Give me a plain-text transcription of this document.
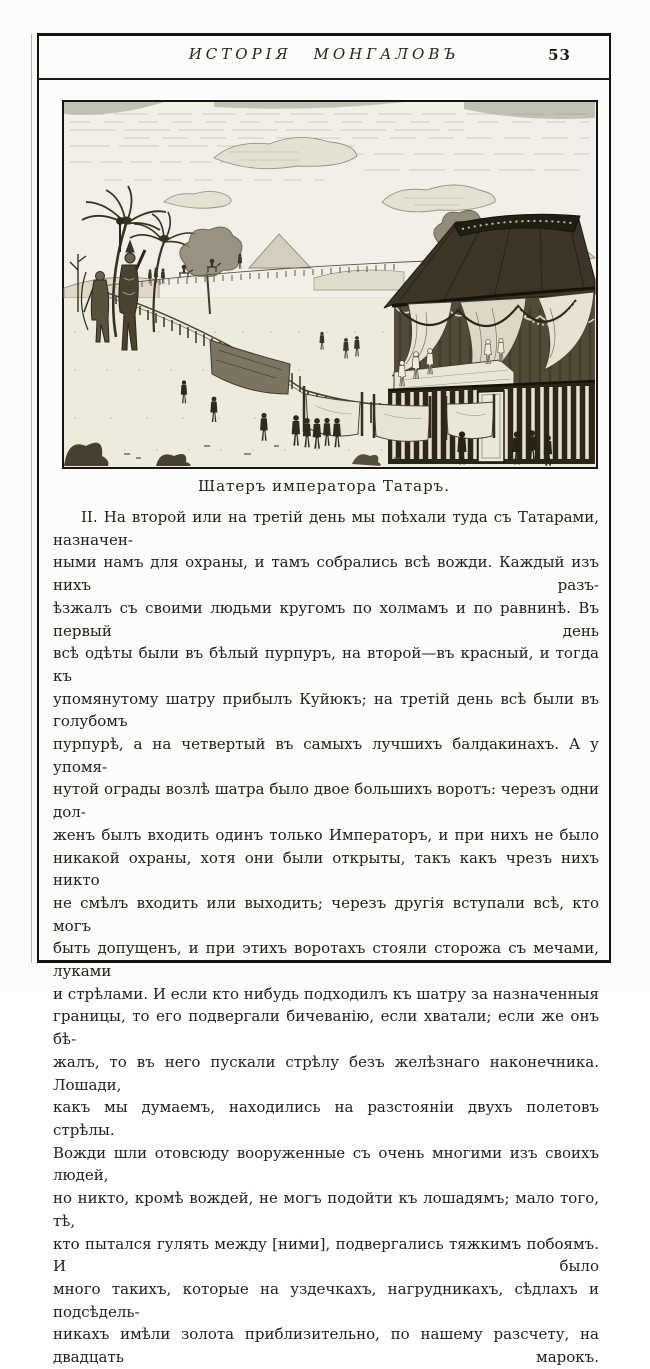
ИСТОРІЯ МОНГАЛОВЪ	53
Шатеръ императора Татаръ.
II. На второй или на третій день мы поѣхали туда съ Татарами, назначен-
ными намъ для охраны, и тамъ собрались всѣ вожди. Каждый изъ нихъ разъ-
ѣзжалъ съ своими людьми кругомъ по холмамъ и по равнинѣ. Въ первый день
всѣ одѣты были въ бѣлый пурпуръ, на второй—въ красный, и тогда къ
упомянутому шатру прибылъ Куйюкъ; на третій день всѣ были въ голубомъ
пурпурѣ, а на четвертый въ самыхъ лучшихъ балдакинахъ. А у упомя-
нутой ограды возлѣ шатра было двое большихъ воротъ: черезъ одни дол-
женъ былъ входить одинъ только Императоръ, и при нихъ не было
никакой охраны, хотя они были открыты, такъ какъ чрезъ нихъ никто
не смѣлъ входить или выходить; черезъ другія вступали всѣ, кто могъ
быть допущенъ, и при этихъ воротахъ стояли сторожа съ мечами, луками
и стрѣлами. И если кто нибудь подходилъ къ шатру за назначенныя
границы, то его подвергали бичеванію, если хватали; если же онъ бѣ-
жалъ, то въ него пускали стрѣлу безъ желѣзнаго наконечника. Лошади,
какъ мы думаемъ, находились на разстояніи двухъ полетовъ стрѣлы.
Вожди шли отовсюду вооруженные съ очень многими изъ своихъ людей,
но никто, кромѣ вождей, не могъ подойти къ лошадямъ; мало того, тѣ,
кто пытался гулять между [ними], подвергались тяжкимъ побоямъ. И было
много такихъ, которые на уздечкахъ, нагрудникахъ, сѣдлахъ и подсѣдель-
никахъ имѣли золота приблизительно, по нашему разсчету, на двадцать марокъ.
